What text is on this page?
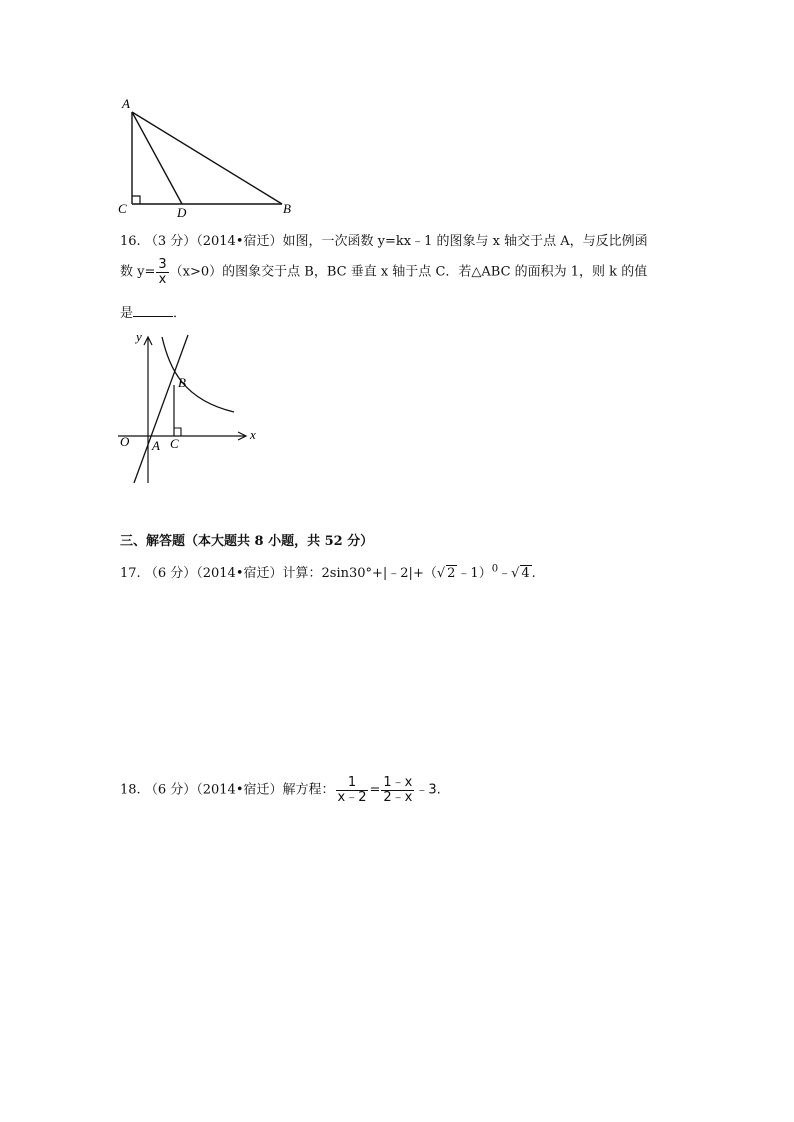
A
C	D	B
16. （3 分）（2014•宿迁）如图，一次函数 y=kx﹣1 的图象与 x 轴交于点 A，与反比例函
数 $y= \frac{3}{x} (x>0)$的图象交于点 B，BC 垂直 x 轴于点 C．若△ABC 的面积为 1，则 k 的值
是	．
y
x
O A
B
C
三、解答题（本大题共 8 小题，共 52 分）
17. （6 分）（2014•宿迁）计算：2sin30°+|﹣2|+（√ 2 ﹣1）$^0$﹣√ 4 .
18. （6 分）（2014•宿迁）解方程： $\frac{1}{x﹣2} = \frac{1﹣x}{2﹣x}$ ﹣3.
